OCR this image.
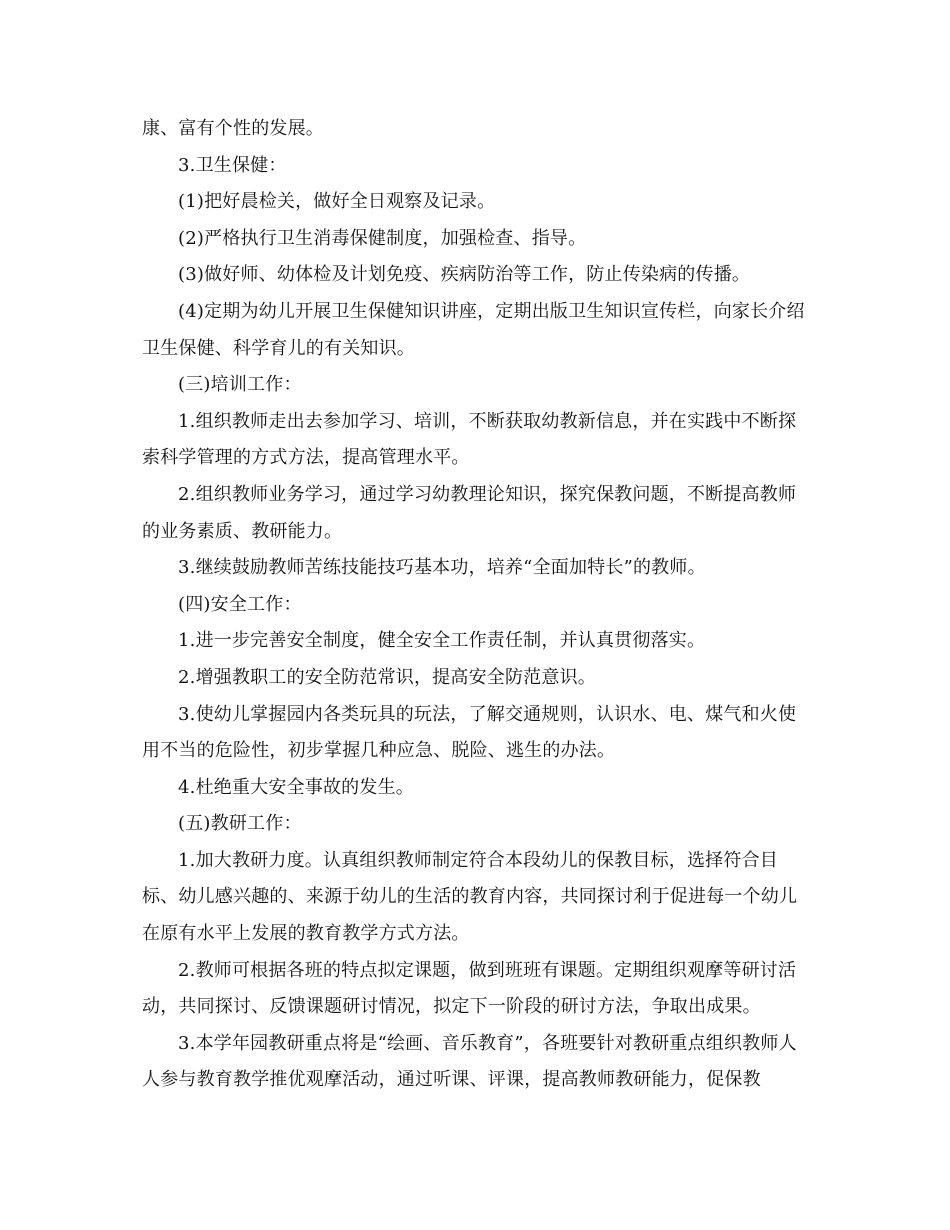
康、富有个性的发展。

3.卫生保健：

(1)把好晨检关，做好全日观察及记录。

(2)严格执行卫生消毒保健制度，加强检查、指导。

(3)做好师、幼体检及计划免疫、疾病防治等工作，防止传染病的传播。

(4)定期为幼儿开展卫生保健知识讲座，定期出版卫生知识宣传栏，向家长介绍卫生保健、科学育儿的有关知识。

(三)培训工作：

1.组织教师走出去参加学习、培训，不断获取幼教新信息，并在实践中不断探索科学管理的方式方法，提高管理水平。

2.组织教师业务学习，通过学习幼教理论知识，探究保教问题，不断提高教师的业务素质、教研能力。

3.继续鼓励教师苦练技能技巧基本功，培养“全面加特长”的教师。

(四)安全工作：

1.进一步完善安全制度，健全安全工作责任制，并认真贯彻落实。

2.增强教职工的安全防范常识，提高安全防范意识。

3.使幼儿掌握园内各类玩具的玩法，了解交通规则，认识水、电、煤气和火使用不当的危险性，初步掌握几种应急、脱险、逃生的办法。

4.杜绝重大安全事故的发生。

(五)教研工作：

1.加大教研力度。认真组织教师制定符合本段幼儿的保教目标，选择符合目标、幼儿感兴趣的、来源于幼儿的生活的教育内容，共同探讨利于促进每一个幼儿在原有水平上发展的教育教学方式方法。

2.教师可根据各班的特点拟定课题，做到班班有课题。定期组织观摩等研讨活动，共同探讨、反馈课题研讨情况，拟定下一阶段的研讨方法，争取出成果。

3.本学年园教研重点将是“绘画、音乐教育”，各班要针对教研重点组织教师人人参与教育教学推优观摩活动，通过听课、评课，提高教师教研能力，促保教
